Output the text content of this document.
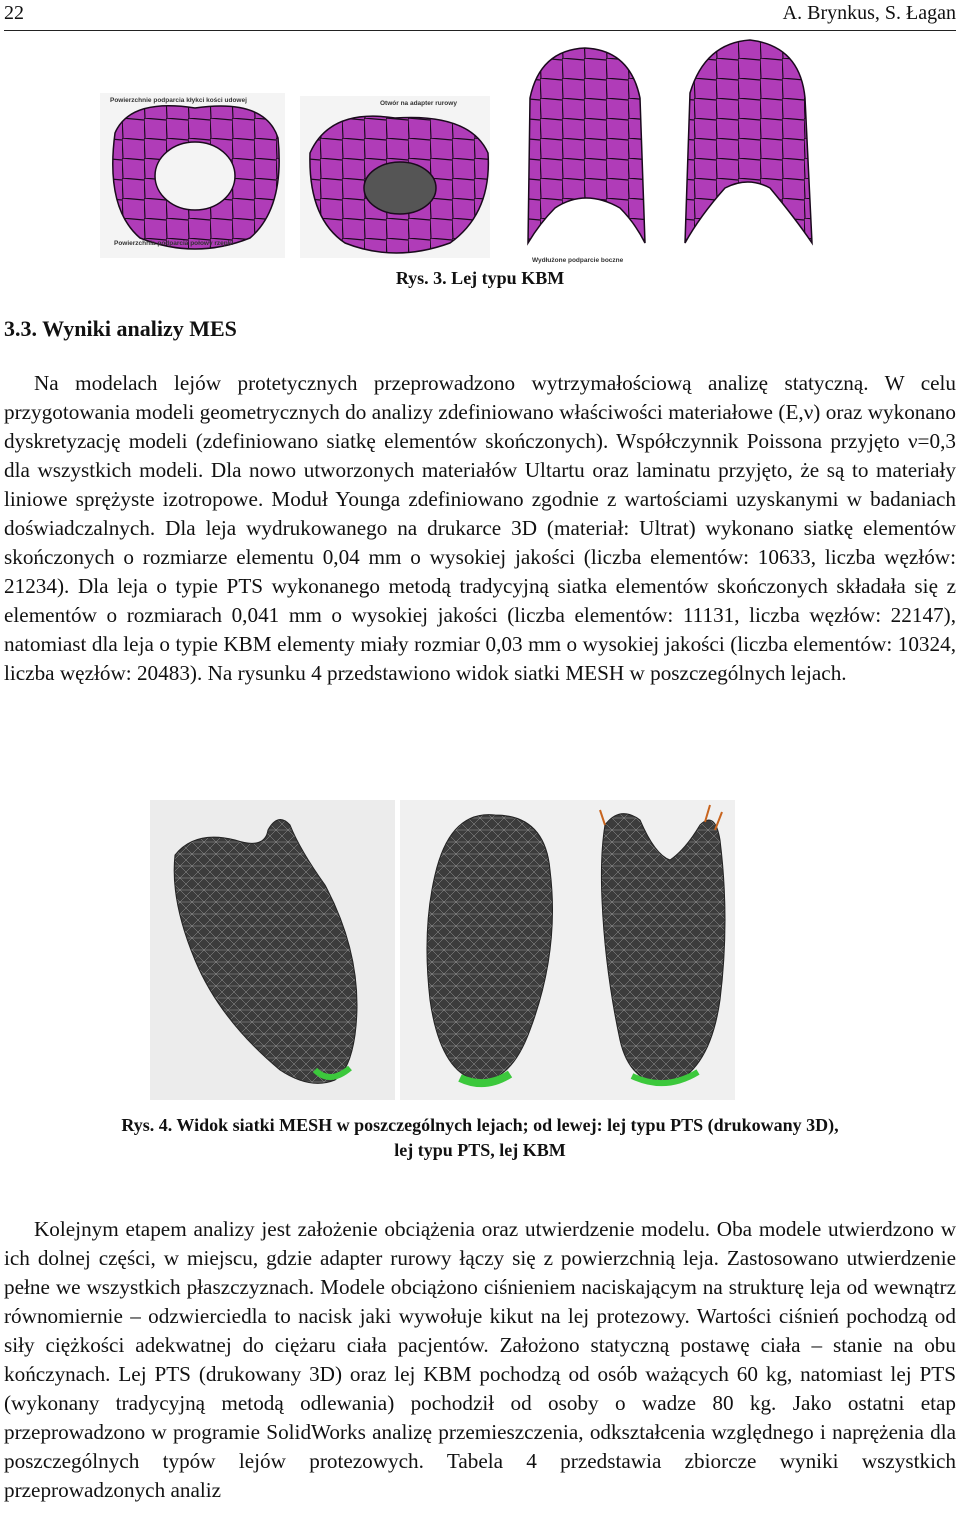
22	A. Brynkus, S. Łagan
Powierzchnie podparcia kłykci kości udowej
Powierzchnia podparcia połowy rzepki
Otwór na adapter rurowy
Wydłużone podparcie boczne
Rys. 3. Lej typu KBM
3.3. Wyniki analizy MES

Na modelach lejów protetycznych przeprowadzono wytrzymałościową analizę statyczną. W celu przygotowania modeli geometrycznych do analizy zdefiniowano właściwości materiałowe (E,ν) oraz wykonano dyskretyzację modeli (zdefiniowano siatkę elementów skończonych). Współczynnik Poissona przyjęto ν=0,3 dla wszystkich modeli. Dla nowo utworzonych materiałów Ultartu oraz laminatu przyjęto, że są to materiały liniowe sprężyste izotropowe. Moduł Younga zdefiniowano zgodnie z wartościami uzyskanymi w badaniach doświadczalnych. Dla leja wydrukowanego na drukarce 3D (materiał: Ultrat) wykonano siatkę elementów skończonych o rozmiarze elementu 0,04 mm o wysokiej jakości (liczba elementów: 10633, liczba węzłów: 21234). Dla leja o typie PTS wykonanego metodą tradycyjną siatka elementów skończonych składała się z elementów o rozmiarach 0,041 mm o wysokiej jakości (liczba elementów: 11131, liczba węzłów: 22147), natomiast dla leja o typie KBM elementy miały rozmiar 0,03 mm o wysokiej jakości (liczba elementów: 10324, liczba węzłów: 20483). Na rysunku 4 przedstawiono widok siatki MESH w poszczególnych lejach.

Rys. 4. Widok siatki MESH w poszczególnych lejach; od lewej: lej typu PTS (drukowany 3D),
lej typu PTS, lej KBM

Kolejnym etapem analizy jest założenie obciążenia oraz utwierdzenie modelu. Oba modele utwierdzono w ich dolnej części, w miejscu, gdzie adapter rurowy łączy się z powierzchnią leja. Zastosowano utwierdzenie pełne we wszystkich płaszczyznach. Modele obciążono ciśnieniem naciskającym na strukturę leja od wewnątrz równomiernie – odzwierciedla to nacisk jaki wywołuje kikut na lej protezowy. Wartości ciśnień pochodzą od siły ciężkości adekwatnej do ciężaru ciała pacjentów. Założono statyczną postawę ciała – stanie na obu kończynach. Lej PTS (drukowany 3D) oraz lej KBM pochodzą od osób ważących 60 kg, natomiast lej PTS (wykonany tradycyjną metodą odlewania) pochodził od osoby o wadze 80 kg. Jako ostatni etap przeprowadzono w programie SolidWorks analizę przemieszczenia, odkształcenia względnego i naprężenia dla poszczególnych typów lejów protezowych. Tabela 4 przedstawia zbiorcze wyniki wszystkich przeprowadzonych analiz
